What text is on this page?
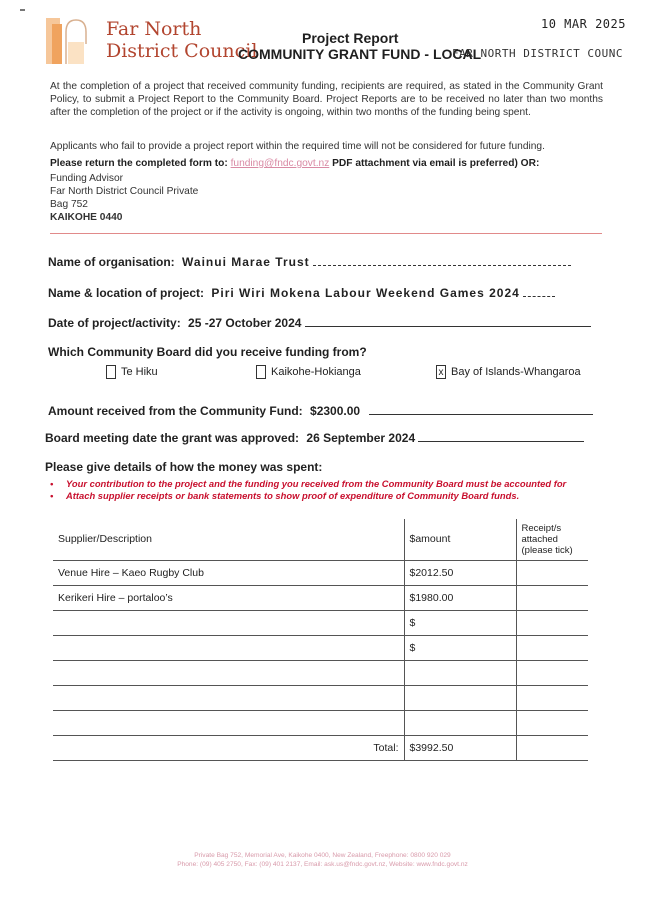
Far North
District Council
10 MAR 2025
Project Report
COMMUNITY GRANT FUND - LOCAL
FAR NORTH DISTRICT COUNC
At the completion of a project that received community funding, recipients are required, as stated in the Community Grant Policy, to submit a Project Report to the Community Board. Project Reports are to be received no later than two months after the completion of the project or if the activity is ongoing, within two months of the funding being spent.
Applicants who fail to provide a project report within the required time will not be considered for future funding.
Please return the completed form to: funding@fndc.govt.nz PDF attachment via email is preferred) OR:
Funding Advisor
Far North District Council Private
Bag 752
KAIKOHE 0440
Name of organisation: Wainui Marae Trust
Name & location of project: Piri Wiri Mokena Labour Weekend Games 2024
Date of project/activity: 25 -27 October 2024
Which Community Board did you receive funding from?
Te Hiku	Kaikohe-Hokianga	x Bay of Islands-Whangaroa
Amount received from the Community Fund: $2300.00
Board meeting date the grant was approved: 26 September 2024
Please give details of how the money was spent:
• Your contribution to the project and the funding you received from the Community Board must be accounted for
• Attach supplier receipts or bank statements to show proof of expenditure of Community Board funds.
Supplier/Description	$amount	Receipt/s attached (please tick)
Venue Hire – Kaeo Rugby Club	$2012.50	
Kerikeri Hire – portaloo’s	$1980.00	
	$	
	$	

Total:	$3992.50	
Private Bag 752, Memorial Ave, Kaikohe 0400, New Zealand, Freephone: 0800 920 029
Phone: (09) 405 2750, Fax: (09) 401 2137, Email: ask.us@fndc.govt.nz, Website: www.fndc.govt.nz
